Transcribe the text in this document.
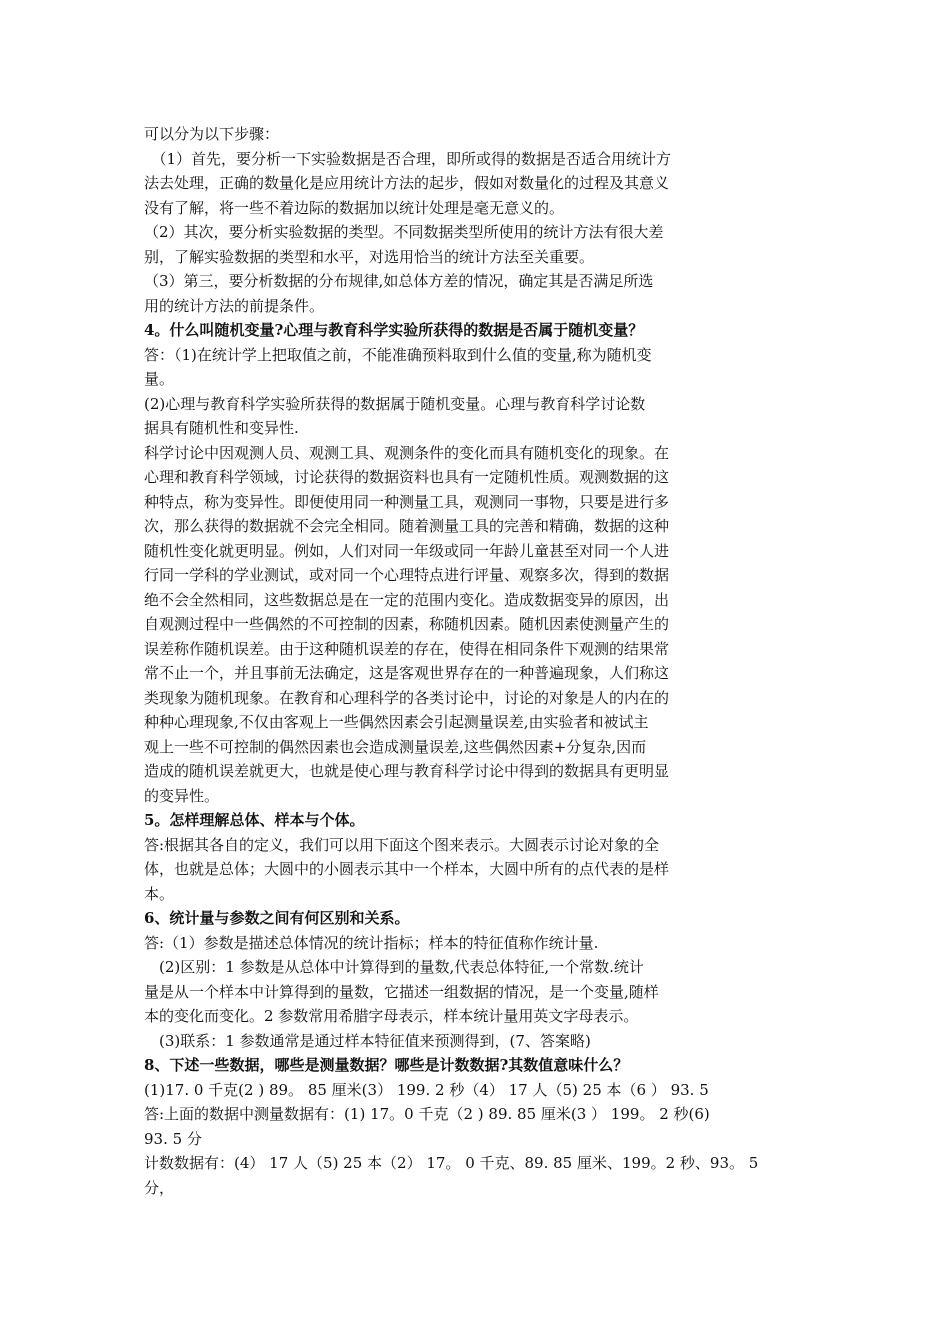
可以分为以下步骤：
　（1）首先，要分析一下实验数据是否合理，即所或得的数据是否适合用统计方
法去处理，正确的数量化是应用统计方法的起步，假如对数量化的过程及其意义
没有了解，将一些不着边际的数据加以统计处理是毫无意义的。
（2）其次，要分析实验数据的类型。不同数据类型所使用的统计方法有很大差
别，了解实验数据的类型和水平，对选用恰当的统计方法至关重要。
（3）第三，要分析数据的分布规律,如总体方差的情况，确定其是否满足所选
用的统计方法的前提条件。
4。什么叫随机变量?心理与教育科学实验所获得的数据是否属于随机变量？
答：（1)在统计学上把取值之前，不能准确预料取到什么值的变量,称为随机变
量。
(2)心理与教育科学实验所获得的数据属于随机变量。心理与教育科学讨论数
据具有随机性和变异性.
科学讨论中因观测人员、观测工具、观测条件的变化而具有随机变化的现象。在
心理和教育科学领域，讨论获得的数据资料也具有一定随机性质。观测数据的这
种特点，称为变异性。即便使用同一种测量工具，观测同一事物，只要是进行多
次，那么获得的数据就不会完全相同。随着测量工具的完善和精确，数据的这种
随机性变化就更明显。例如，人们对同一年级或同一年龄儿童甚至对同一个人进
行同一学科的学业测试，或对同一个心理特点进行评量、观察多次，得到的数据
绝不会全然相同，这些数据总是在一定的范围内变化。造成数据变异的原因，出
自观测过程中一些偶然的不可控制的因素，称随机因素。随机因素使测量产生的
误差称作随机误差。由于这种随机误差的存在，使得在相同条件下观测的结果常
常不止一个，并且事前无法确定，这是客观世界存在的一种普遍现象，人们称这
类现象为随机现象。在教育和心理科学的各类讨论中，讨论的对象是人的内在的
种种心理现象,不仅由客观上一些偶然因素会引起测量误差,由实验者和被试主
观上一些不可控制的偶然因素也会造成测量误差,这些偶然因素+分复杂,因而
造成的随机误差就更大，也就是使心理与教育科学讨论中得到的数据具有更明显
的变异性。
5。怎样理解总体、样本与个体。
答:根据其各自的定义，我们可以用下面这个图来表示。大圆表示讨论对象的全
体，也就是总体；大圆中的小圆表示其中一个样本，大圆中所有的点代表的是样
本。
6、统计量与参数之间有何区别和关系。
答:（1）参数是描述总体情况的统计指标；样本的特征值称作统计量.
　(2)区别：1 参数是从总体中计算得到的量数,代表总体特征,一个常数.统计
量是从一个样本中计算得到的量数，它描述一组数据的情况，是一个变量,随样
本的变化而变化。2 参数常用希腊字母表示，样本统计量用英文字母表示。
　(3)联系：1 参数通常是通过样本特征值来预测得到，(7、答案略)
8、下述一些数据，哪些是测量数据？哪些是计数数据?其数值意味什么？
(1)17. 0 千克(2 ) 89。 85 厘米(3） 199. 2 秒（4） 17 人（5) 25 本（6 ） 93. 5
答:上面的数据中测量数据有：(1) 17。0 千克（2 ) 89. 85 厘米(3 ） 199。 2 秒(6)
93. 5 分
计数数据有：(4） 17 人（5) 25 本（2） 17。 0 千克、89. 85 厘米、199。2 秒、93。 5
分，
